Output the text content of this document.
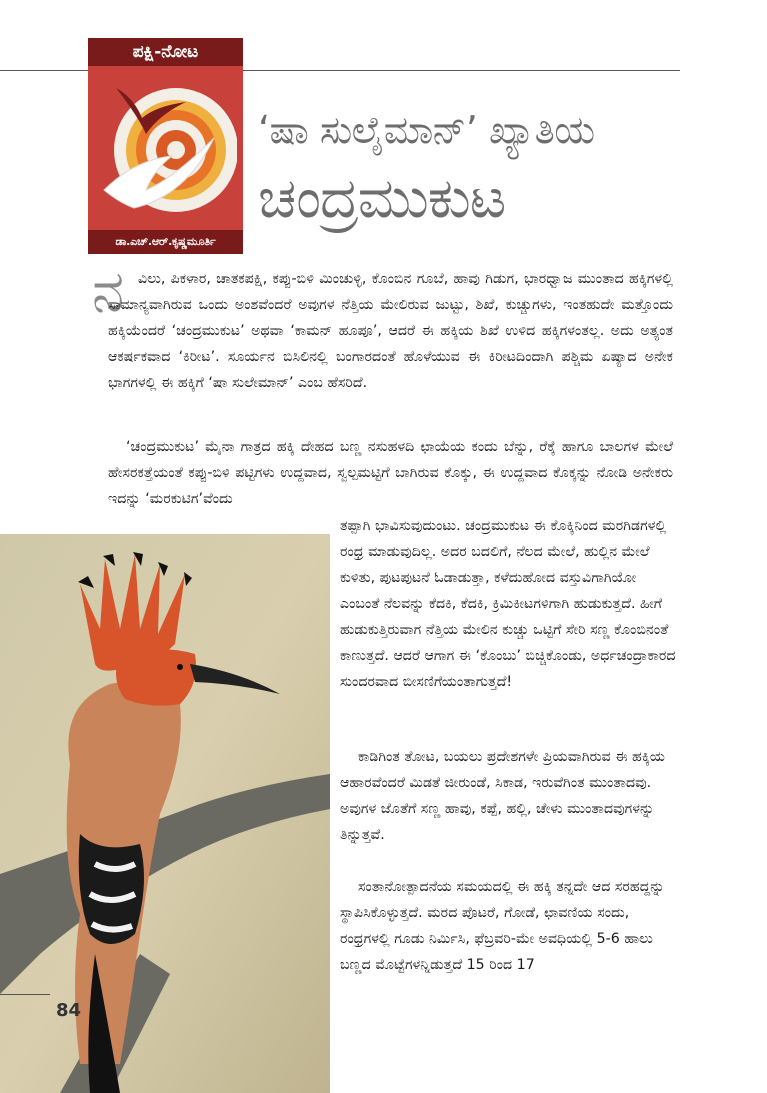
ಪಕ್ಷಿ-ನೋಟ
ಡಾ.ಎಚ್.ಆರ್.ಕೃಷ್ಣಮೂರ್ತಿ
‘ಷಾ ಸುಲೈಮಾನ್’ ಖ್ಯಾತಿಯ
ಚಂದ್ರಮುಕುಟ
ನ ವಿಲು, ಪಿಕಳಾರ, ಚಾತಕಪಕ್ಷಿ, ಕಪ್ಪು-ಬಿಳಿ ಮಿಂಚುಳ್ಳಿ, ಕೊಂಬಿನ ಗೂಬೆ, ಹಾವು ಗಿಡುಗ, ಭಾರಧ್ವಾಜ ಮುಂತಾದ ಹಕ್ಕಿಗಳಲ್ಲಿ ಸಾಮಾನ್ಯವಾಗಿರುವ ಒಂದು ಅಂಶವೆಂದರೆ ಅವುಗಳ ನೆತ್ತಿಯ ಮೇಲಿರುವ ಜುಟ್ಟು, ಶಿಖೆ, ಕುಚ್ಚುಗಳು, ಇಂತಹುದೇ ಮತ್ತೊಂದು ಹಕ್ಕಿಯೆಂದರೆ ‘ಚಂದ್ರಮುಕುಟ’ ಅಥವಾ ‘ಕಾಮನ್ ಹೂಪೂ’, ಆದರೆ ಈ ಹಕ್ಕಿಯ ಶಿಖೆ ಉಳಿದ ಹಕ್ಕಿಗಳಂತಲ್ಲ. ಅದು ಅತ್ಯಂತ ಆಕರ್ಷಕವಾದ ‘ಕಿರೀಟ’. ಸೂರ್ಯನ ಬಿಸಿಲಿನಲ್ಲಿ ಬಂಗಾರದಂತೆ ಹೊಳೆಯುವ ಈ ಕಿರೀಟದಿಂದಾಗಿ ಪಶ್ಚಿಮ ಏಷ್ಯಾದ ಅನೇಕ ಭಾಗಗಳಲ್ಲಿ ಈ ಹಕ್ಕಿಗೆ ‘ಷಾ ಸುಲೇಮಾನ್’ ಎಂಬ ಹೆಸರಿದೆ.

‘ಚಂದ್ರಮುಕುಟ’ ಮೈನಾ ಗಾತ್ರದ ಹಕ್ಕಿ ದೇಹದ ಬಣ್ಣ ನಸುಹಳದಿ ಛಾಯೆಯ ಕಂದು ಬೆನ್ನು, ರೆಕ್ಕೆ ಹಾಗೂ ಬಾಲಗಳ ಮೇಲೆ ಹೇಸರಕತ್ತೆಯಂತೆ ಕಪ್ಪು-ಬಿಳಿ ಪಟ್ಟಿಗಳು ಉದ್ದವಾದ, ಸ್ವಲ್ಪಮಟ್ಟಿಗೆ ಬಾಗಿರುವ ಕೊಕ್ಕು, ಈ ಉದ್ದವಾದ ಕೊಕ್ಕನ್ನು ನೋಡಿ ಅನೇಕರು ಇದನ್ನು ‘ಮರಕುಟಿಗ’ವೆಂದು

ತಪ್ಪಾಗಿ ಭಾವಿಸುವುದುಂಟು. ಚಂದ್ರಮುಕುಟ ಈ ಕೊಕ್ಕಿನಿಂದ ಮರಗಿಡಗಳಲ್ಲಿ ರಂಧ್ರ ಮಾಡುವುದಿಲ್ಲ. ಅದರ ಬದಲಿಗೆ, ನೆಲದ ಮೇಲೆ, ಹುಲ್ಲಿನ ಮೇಲೆ ಕುಳಿತು, ಪುಟಪುಟನೆ ಓಡಾಡುತ್ತಾ, ಕಳೆದುಹೋದ ವಸ್ತುವಿಗಾಗಿಯೋ ಎಂಬಂತೆ ನೆಲವನ್ನು ಕೆದಕಿ, ಕೆದಕಿ, ಕ್ರಿಮಿಕೀಟಗಳಿಗಾಗಿ ಹುಡುಕುತ್ತದೆ. ಹೀಗೆ ಹುಡುಕುತ್ತಿರುವಾಗ ನೆತ್ತಿಯ ಮೇಲಿನ ಕುಚ್ಚು ಒಟ್ಟಿಗೆ ಸೇರಿ ಸಣ್ಣ ಕೊಂಬಿನಂತೆ ಕಾಣುತ್ತದೆ. ಆದರೆ ಆಗಾಗ ಈ ‘ಕೊಂಬು’ ಬಿಚ್ಚಿಕೊಂಡು, ಅರ್ಧಚಂದ್ರಾಕಾರದ ಸುಂದರವಾದ ಬೀಸಣಿಗೆಯಂತಾಗುತ್ತದೆ!

ಕಾಡಿಗಿಂತ ತೋಟ, ಬಯಲು ಪ್ರದೇಶಗಳೇ ಪ್ರಿಯವಾಗಿರುವ ಈ ಹಕ್ಕಿಯ ಆಹಾರವೆಂದರೆ ಮಿಡತೆ ಜೀರುಂಡೆ, ಸಿಕಾಡ, ಇರುವೆಗಿಂತ ಮುಂತಾದವು. ಅವುಗಳ ಜೊತೆಗೆ ಸಣ್ಣ ಹಾವು, ಕಪ್ಪೆ, ಹಲ್ಲಿ, ಚೇಳು ಮುಂತಾದವುಗಳನ್ನು ತಿನ್ನುತ್ತವೆ.

ಸಂತಾನೋತ್ಪಾದನೆಯ ಸಮಯದಲ್ಲಿ ಈ ಹಕ್ಕಿ ತನ್ನದೇ ಆದ ಸರಹದ್ದನ್ನು ಸ್ಥಾಪಿಸಿಕೊಳ್ಳುತ್ತದೆ. ಮರದ ಪೊಟರೆ, ಗೋಡೆ, ಛಾವಣಿಯ ಸಂದು, ರಂಧ್ರಗಳಲ್ಲಿ ಗೂಡು ನಿರ್ಮಿಸಿ, ಫೆಬ್ರವರಿ-ಮೇ ಅವಧಿಯಲ್ಲಿ 5-6 ಹಾಲು ಬಣ್ಣದ ಮೊಟ್ಟೆಗಳನ್ನಿಡುತ್ತದೆ 15 ರಿಂದ 17

84
